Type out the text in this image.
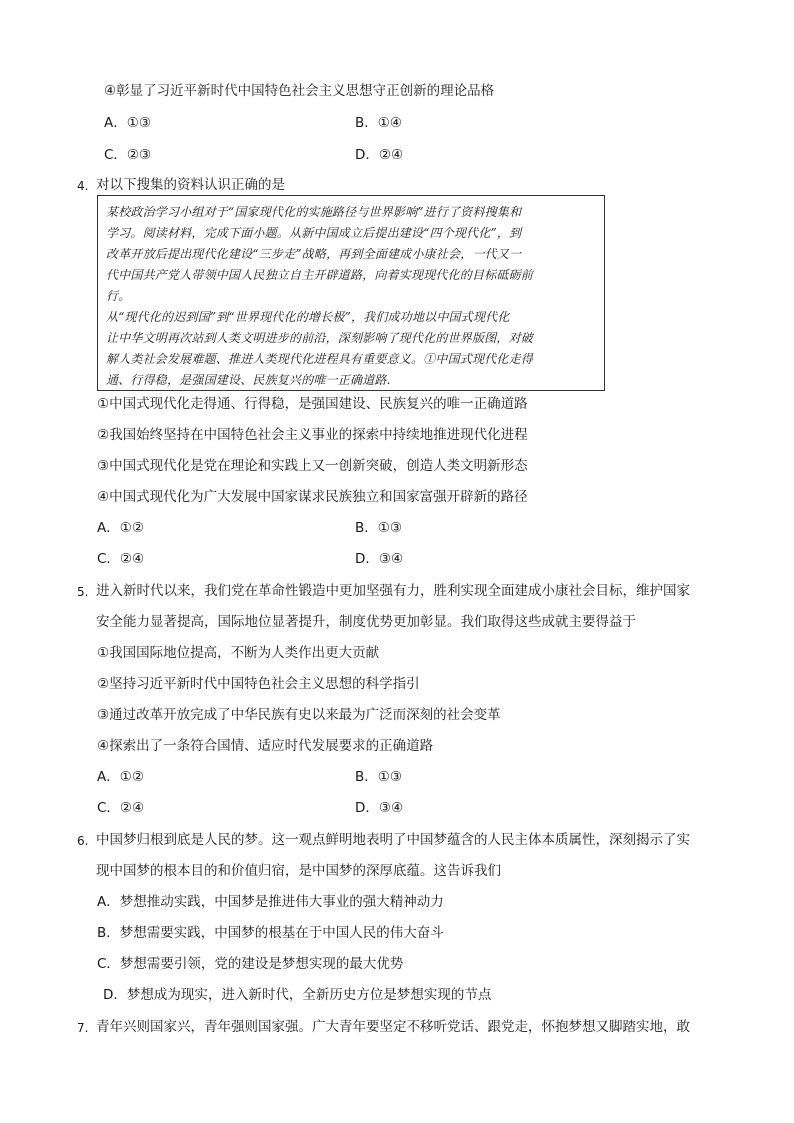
④彰显了习近平新时代中国特色社会主义思想守正创新的理论品格
A．①③	B．①④
C．②③	D．②④
4. 对以下搜集的资料认识正确的是
某校政治学习小组对于“国家现代化的实施路径与世界影响”进行了资料搜集和
学习。阅读材料，完成下面小题。从新中国成立后提出建设“四个现代化”，到
改革开放后提出现代化建设“三步走”战略，再到全面建成小康社会，一代又一
代中国共产党人带领中国人民独立自主开辟道路，向着实现现代化的目标砥砺前
行。
从“现代化的迟到国”到“世界现代化的增长极”，我们成功地以中国式现代化
让中华文明再次站到人类文明进步的前沿，深刻影响了现代化的世界版图，对破
解人类社会发展难题、推进人类现代化进程具有重要意义。①中国式现代化走得
通、行得稳，是强国建设、民族复兴的唯一正确道路.
①中国式现代化走得通、行得稳，是强国建设、民族复兴的唯一正确道路
②我国始终坚持在中国特色社会主义事业的探索中持续地推进现代化进程
③中国式现代化是党在理论和实践上又一创新突破，创造人类文明新形态
④中国式现代化为广大发展中国家谋求民族独立和国家富强开辟新的路径
A．①②	B．①③
C．②④	D．③④
5. 进入新时代以来，我们党在革命性锻造中更加坚强有力，胜利实现全面建成小康社会目标，维护国家
安全能力显著提高，国际地位显著提升，制度优势更加彰显。我们取得这些成就主要得益于
①我国国际地位提高，不断为人类作出更大贡献
②坚持习近平新时代中国特色社会主义思想的科学指引
③通过改革开放完成了中华民族有史以来最为广泛而深刻的社会变革
④探索出了一条符合国情、适应时代发展要求的正确道路
A．①②	B．①③
C．②④	D．③④
6. 中国梦归根到底是人民的梦。这一观点鲜明地表明了中国梦蕴含的人民主体本质属性，深刻揭示了实
现中国梦的根本目的和价值归宿，是中国梦的深厚底蕴。这告诉我们
A．梦想推动实践，中国梦是推进伟大事业的强大精神动力
B．梦想需要实践，中国梦的根基在于中国人民的伟大奋斗
C．梦想需要引领，党的建设是梦想实现的最大优势
D．梦想成为现实，进入新时代，全新历史方位是梦想实现的节点
7. 青年兴则国家兴，青年强则国家强。广大青年要坚定不移听党话、跟党走，怀抱梦想又脚踏实地，敢
